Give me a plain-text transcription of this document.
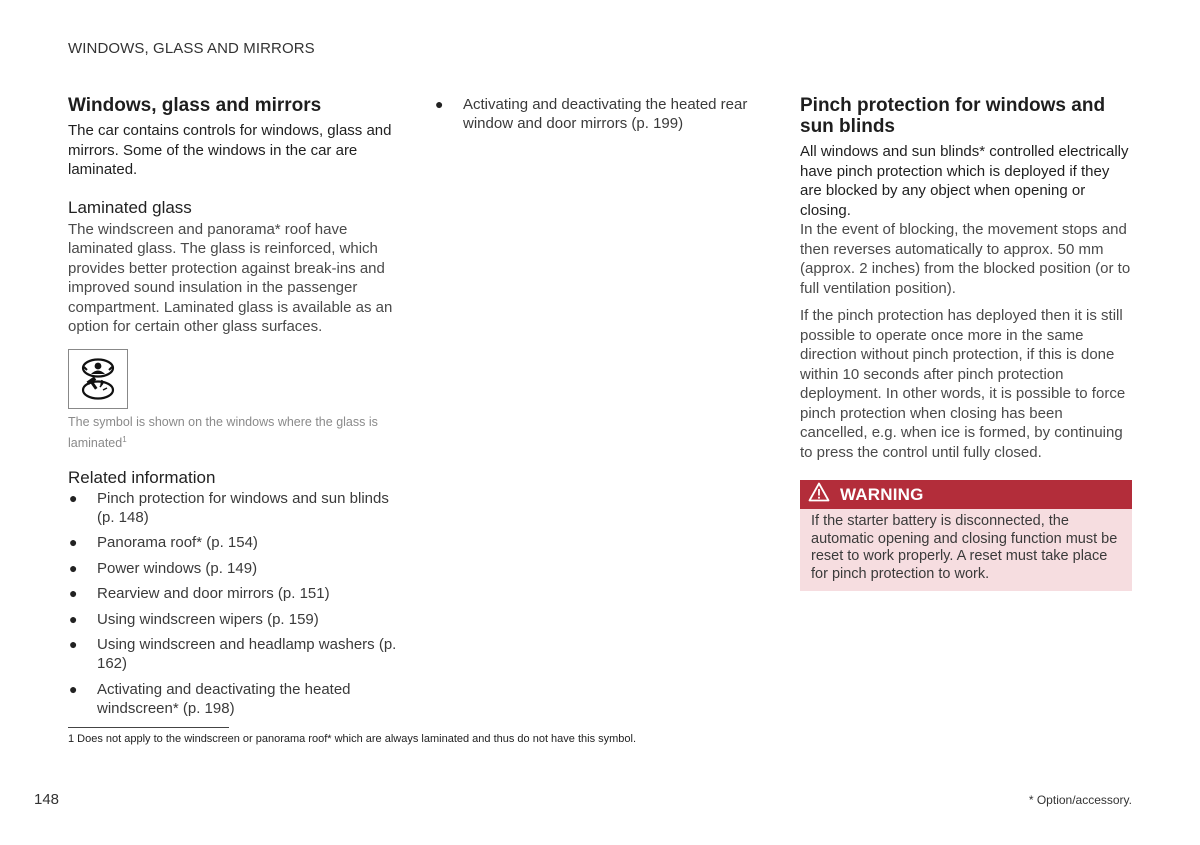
WINDOWS, GLASS AND MIRRORS
Windows, glass and mirrors

The car contains controls for windows, glass and mirrors. Some of the windows in the car are laminated.

Laminated glass

The windscreen and panorama* roof have laminated glass. The glass is reinforced, which provides better protection against break-ins and improved sound insulation in the passenger compartment. Laminated glass is available as an option for certain other glass surfaces.

The symbol is shown on the windows where the glass is laminated$^1$
Related information
● Pinch protection for windows and sun blinds (p. 148)
● Panorama roof* (p. 154)
● Power windows (p. 149)
● Rearview and door mirrors (p. 151)
● Using windscreen wipers (p. 159)
● Using windscreen and headlamp washers (p. 162)
● Activating and deactivating the heated windscreen* (p. 198)
● Activating and deactivating the heated rear window and door mirrors (p. 199)
Pinch protection for windows and sun blinds

All windows and sun blinds* controlled electrically have pinch protection which is deployed if they are blocked by any object when opening or closing.

In the event of blocking, the movement stops and then reverses automatically to approx. 50 mm (approx. 2 inches) from the blocked position (or to full ventilation position).

If the pinch protection has deployed then it is still possible to operate once more in the same direction without pinch protection, if this is done within 10 seconds after pinch protection deployment. In other words, it is possible to force pinch protection when closing has been cancelled, e.g. when ice is formed, by continuing to press the control until fully closed.

WARNING
If the starter battery is disconnected, the automatic opening and closing function must be reset to work properly. A reset must take place for pinch protection to work.
1 Does not apply to the windscreen or panorama roof* which are always laminated and thus do not have this symbol.
148	* Option/accessory.
